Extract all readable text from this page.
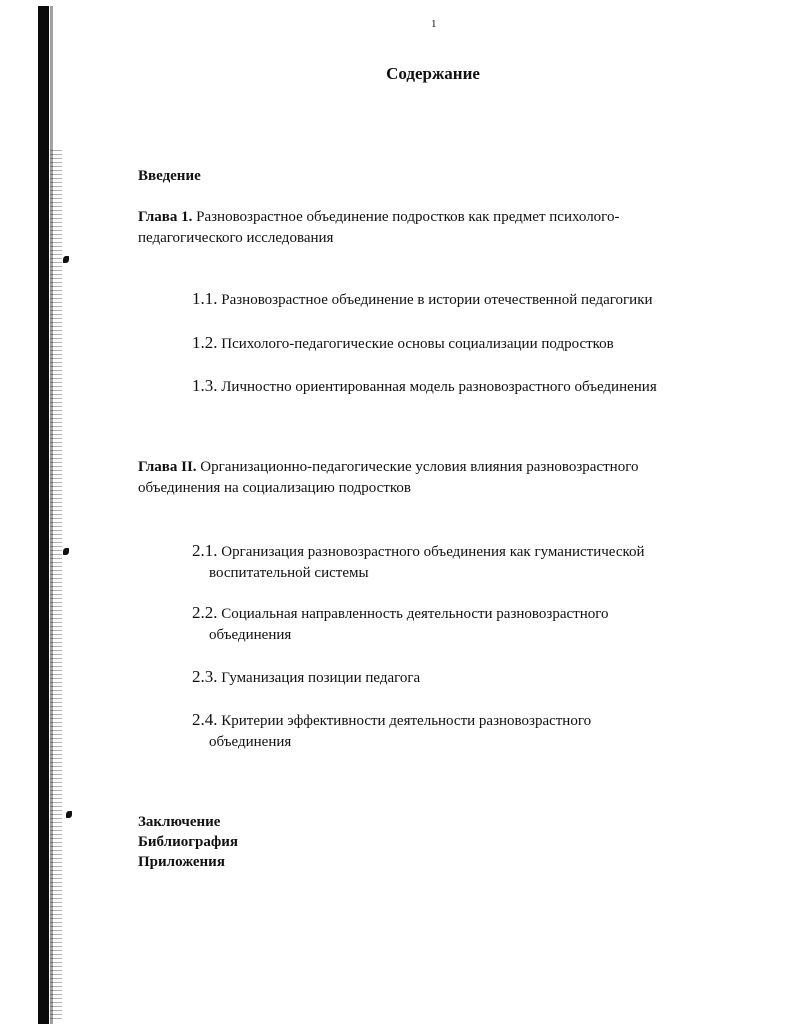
1
Содержание
Введение
Глава 1. Разновозрастное объединение подростков как предмет психолого-
педагогического исследования
1.1. Разновозрастное объединение в истории отечественной педагогики
1.2. Психолого-педагогические основы социализации подростков
1.3. Личностно ориентированная модель разновозрастного объединения
Глава II. Организационно-педагогические условия влияния разновозрастного
объединения на социализацию подростков
2.1. Организация разновозрастного объединения как гуманистической
воспитательной системы
2.2. Социальная направленность деятельности разновозрастного
объединения
2.3. Гуманизация позиции педагога
2.4. Критерии эффективности деятельности разновозрастного
объединения
Заключение
Библиография
Приложения
